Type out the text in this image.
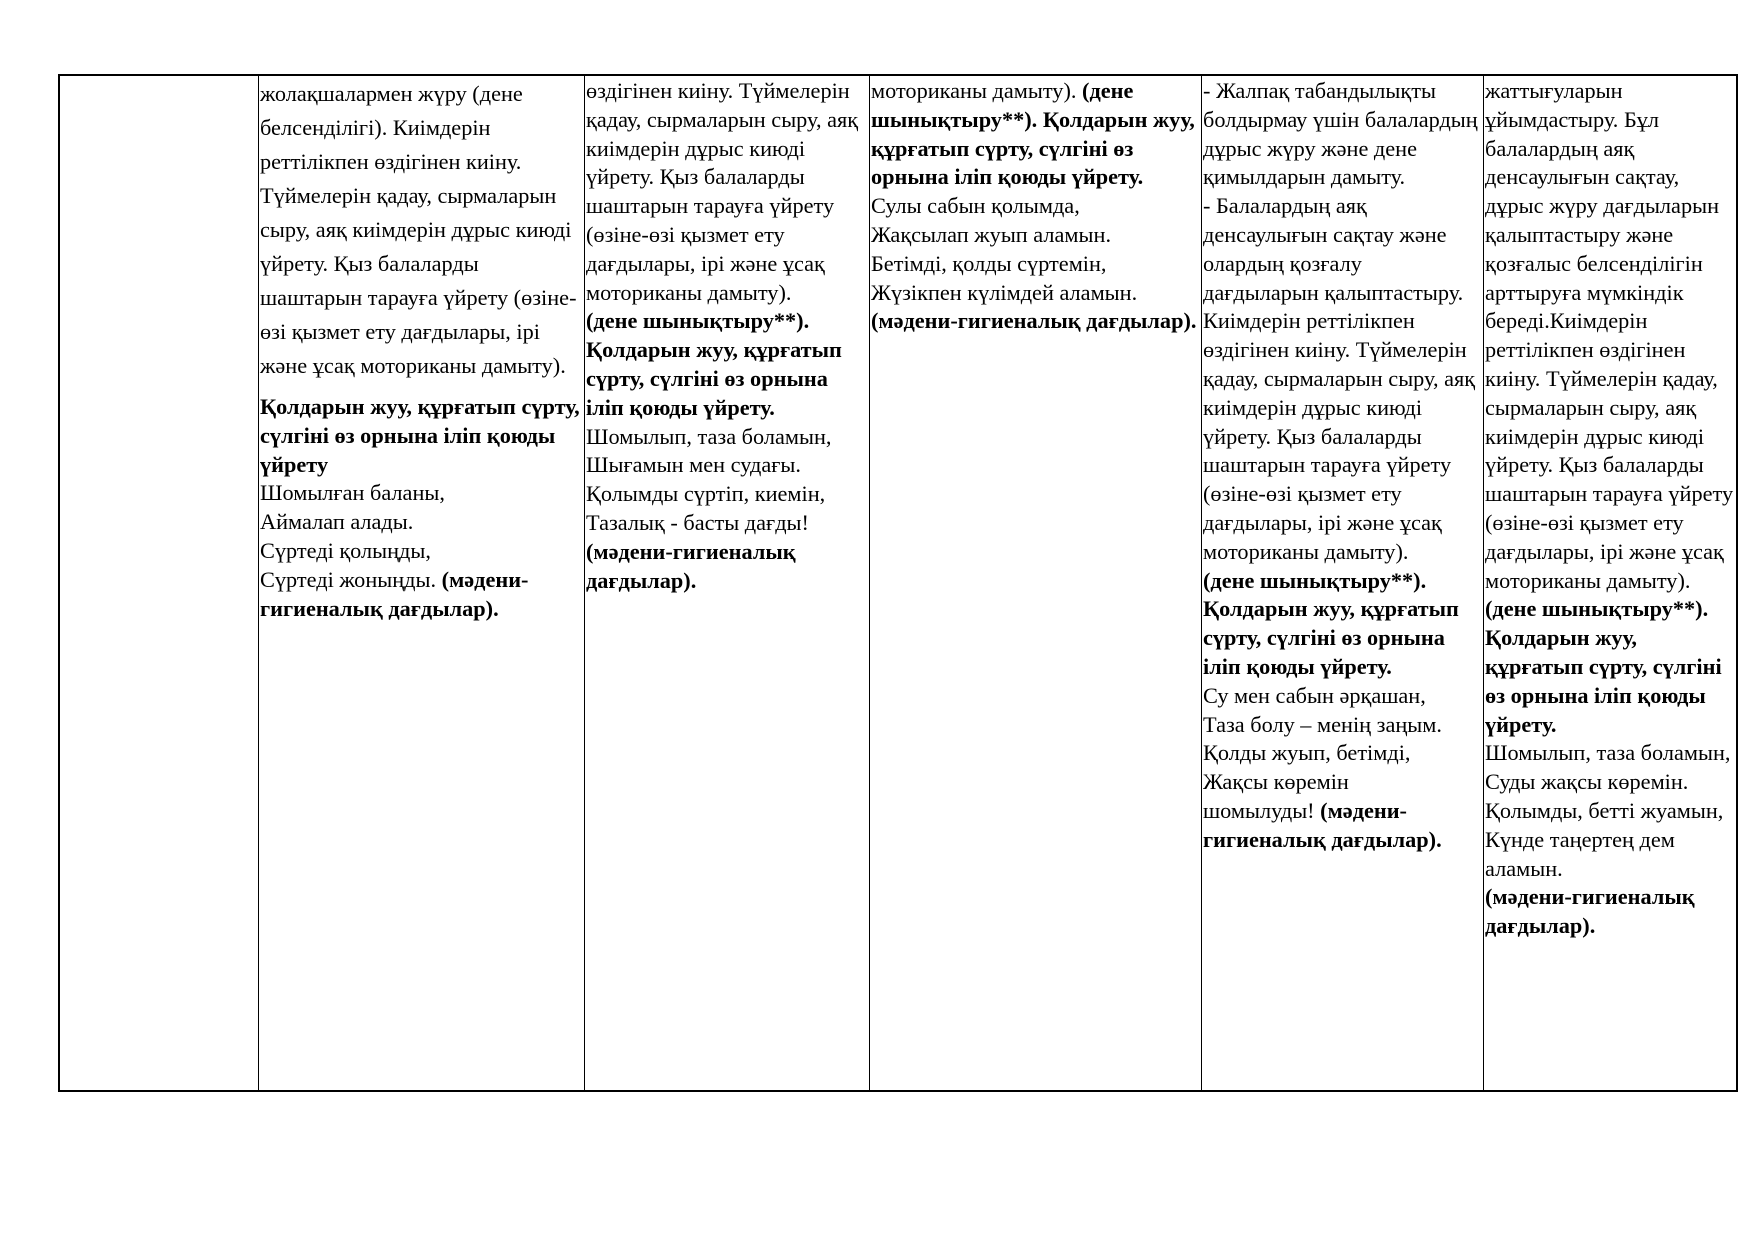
жолақшалармен жүру (дене белсенділігі). Киімдерін реттілікпен өздігінен киіну. Түймелерін қадау, сырмаларын сыру, аяқ киімдерін дұрыс киюді үйрету. Қыз балаларды шаштарын тарауға үйрету (өзіне-өзі қызмет ету дағдылары, ірі және ұсақ моториканы дамыту).

Қолдарын жуу, құрғатып сүрту, сүлгіні өз орнына іліп қоюды үйрету

Шомылған баланы,

Аймалап алады.

Сүртеді қолыңды,

Сүртеді жоныңды. (мәдени-гигиеналық дағдылар).

өздігінен киіну. Түймелерін қадау, сырмаларын сыру, аяқ киімдерін дұрыс киюді үйрету. Қыз балаларды шаштарын тарауға үйрету (өзіне-өзі қызмет ету дағдылары, ірі және ұсақ моториканы дамыту).

(дене шынықтыру**). Қолдарын жуу, құрғатып сүрту, сүлгіні өз орнына іліп қоюды үйрету. Шомылып, таза боламын,

Шығамын мен судағы.

Қолымды сүртіп, киемін,

Тазалық - басты дағды!

(мәдени-гигиеналық дағдылар).

моториканы дамыту). (дене шынықтыру**). Қолдарын жуу, құрғатып сүрту, сүлгіні өз орнына іліп қоюды үйрету.

Сулы сабын қолымда,

Жақсылап жуып аламын.

Бетімді, қолды сүртемін,

Жүзікпен күлімдей аламын.

(мәдени-гигиеналық дағдылар).

- Жалпақ табандылықты болдырмау үшін балалардың дұрыс жүру және дене қимылдарын дамыту.

- Балалардың аяқ денсаулығын сақтау және олардың қозғалу дағдыларын қалыптастыру. Киімдерін реттілікпен өздігінен киіну. Түймелерін қадау, сырмаларын сыру, аяқ киімдерін дұрыс киюді үйрету. Қыз балаларды шаштарын тарауға үйрету (өзіне-өзі қызмет ету дағдылары, ірі және ұсақ моториканы дамыту).

(дене шынықтыру**). Қолдарын жуу, құрғатып сүрту, сүлгіні өз орнына іліп қоюды үйрету.

Су мен сабын әрқашан,

Таза болу – менің заңым.

Қолды жуып, бетімді,

Жақсы көремін

шомылуды! (мәдени-гигиеналық дағдылар).

жаттығуларын ұйымдастыру. Бұл балалардың аяқ денсаулығын сақтау, дұрыс жүру дағдыларын қалыптастыру және қозғалыс белсенділігін арттыруға мүмкіндік береді.Киімдерін реттілікпен өздігінен киіну. Түймелерін қадау, сырмаларын сыру, аяқ киімдерін дұрыс киюді үйрету. Қыз балаларды шаштарын тарауға үйрету (өзіне-өзі қызмет ету дағдылары, ірі және ұсақ моториканы дамыту).

(дене шынықтыру**). Қолдарын жуу, құрғатып сүрту, сүлгіні өз орнына іліп қоюды үйрету.

Шомылып, таза боламын,

Суды жақсы көремін.

Қолымды, бетті жуамын,

Күнде таңертең дем аламын.

(мәдени-гигиеналық дағдылар).
